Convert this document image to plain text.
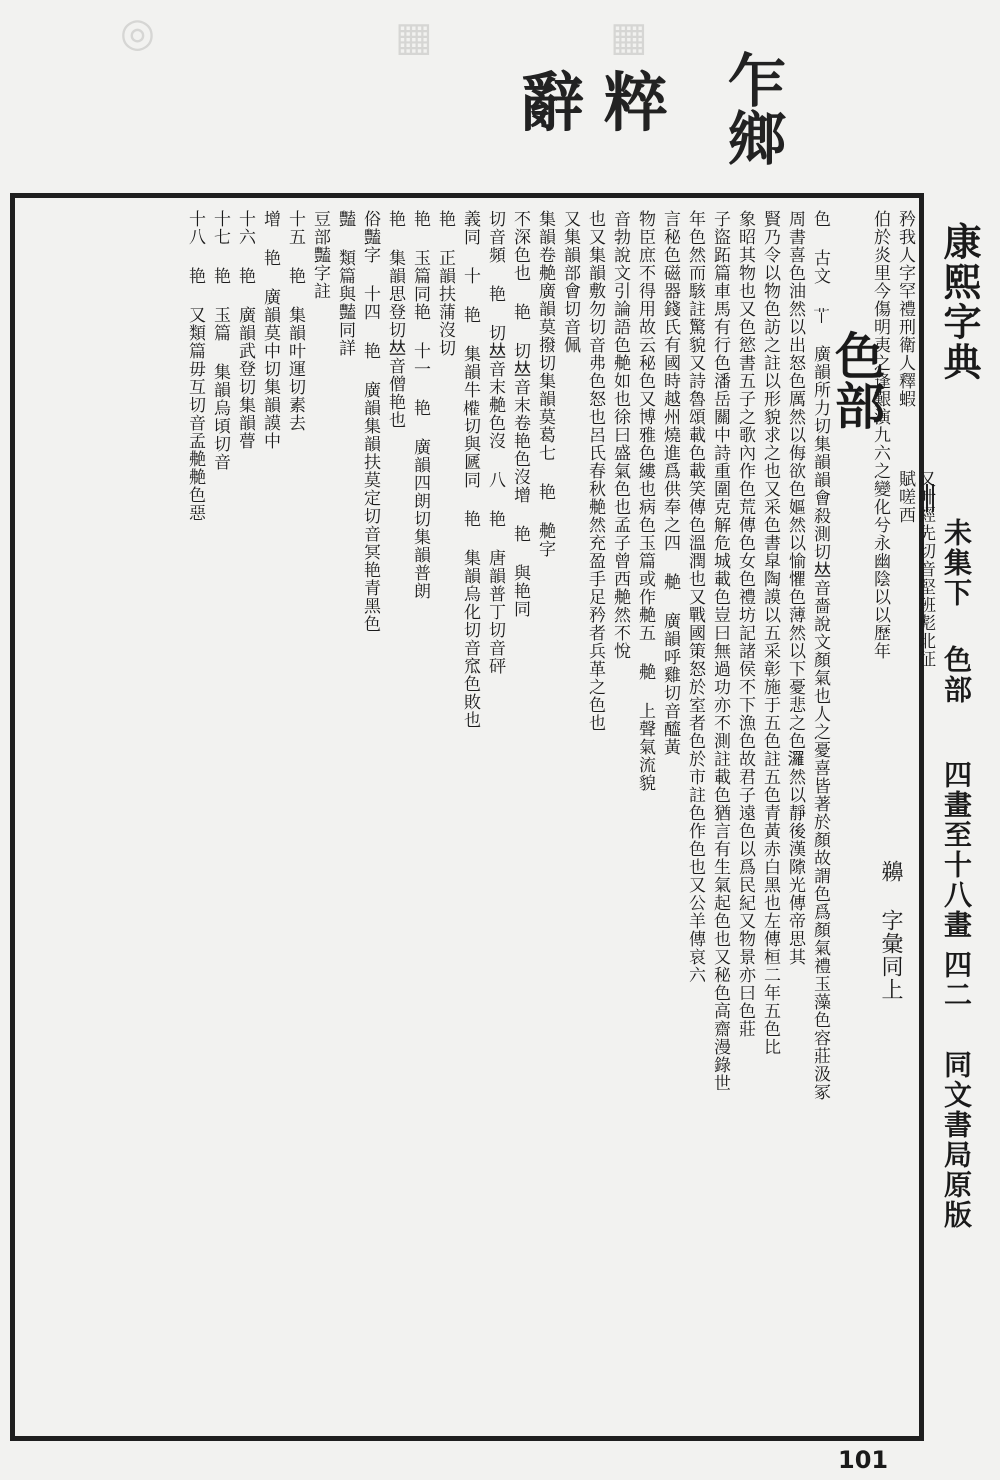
◎	▦	▦
辭粹 乍鄉
康熙字典
未集下
色部
四畫至十八畫
四二
同文書局原版
色部 矜我人字罕禮刑衛人釋蝦
伯於炎里今傷明夷之逢艱演九六之變化兮永幽陰以以歷年	又叶經先切音堅班彪北征賦嗟西
䶏 字彙同上
色 古文 𦫳 廣韻所力切集韻韻會殺測切𠀤音嗇說文顏氣也人之憂喜皆著於顏故謂色爲顏氣禮玉藻色容莊汲冢
周書喜色油然以出怒色厲然以侮欲色嫗然以愉懼色薄然以下憂悲之色𤄷然以靜後漢𨻶光傳帝思其
賢乃令以物色訪之註以形貌求之也又采色書皐陶謨以五采彰施于五色註五色青黃赤白黑也左傳桓二年五色比
象昭其物也又色慾書五子之歌內作色荒傳色女色禮坊記諸侯不下漁色故君子遠色以爲民紀又物景亦曰色莊
子盜跖篇車馬有行色潘岳關中詩重圍克解危城載色豈曰無過功亦不測註載色猶言有生氣起色也又秘色高齋漫錄世
年色然而駭註驚貌又詩魯頌載色載笑傳色溫潤也又戰國策怒於室者色於市註色作色也又公羊傳哀六
言秘色磁器錢氏有國時越州燒進爲供奉之四 艴 廣韻呼雞切音醯黃
物臣庶不得用故云秘色又博雅色縷也病色玉篇或作艴五 艴 上聲氣流貌
音勃說文引論語色艴如也徐曰盛氣色也孟子曾西艴然不悅
也又集韻敷勿切音弗色怒也呂氏春秋艴然充盈手足矜者兵革之色也
又集韻部會切音佩
集韻卷艴廣韻莫撥切集韻莫葛七 艳 艴字
不深色也 艳 切𠀤音末卷艳色沒增 艳 與艳同
切音頻 艳 切𠀤音末艴色沒 八 艳 唐韻普丁切音砰
義同 十 艳 集韻牛𣜁切與㔸同 艳 集韻烏化切音窊色敗也
艳 正韻扶蒲沒切
艳 玉篇同艳 十一 艳 廣韻四朗切集韻普朗
艳 集韻思登切𠀤音僧艳也
俗豔字 十四 艳 廣韻集韻扶莫定切音冥艳青黑色
豔 類篇與豔同詳
豆部豔字註
十五 艳 集韻叶運切素去
增 艳 廣韻莫中切集韻謨中
十六 艳 廣韻武登切集韻瞢
十七 艳 玉篇 集韻烏頃切音
十八 艳 又類篇毋互切音孟艴艴色惡
101
